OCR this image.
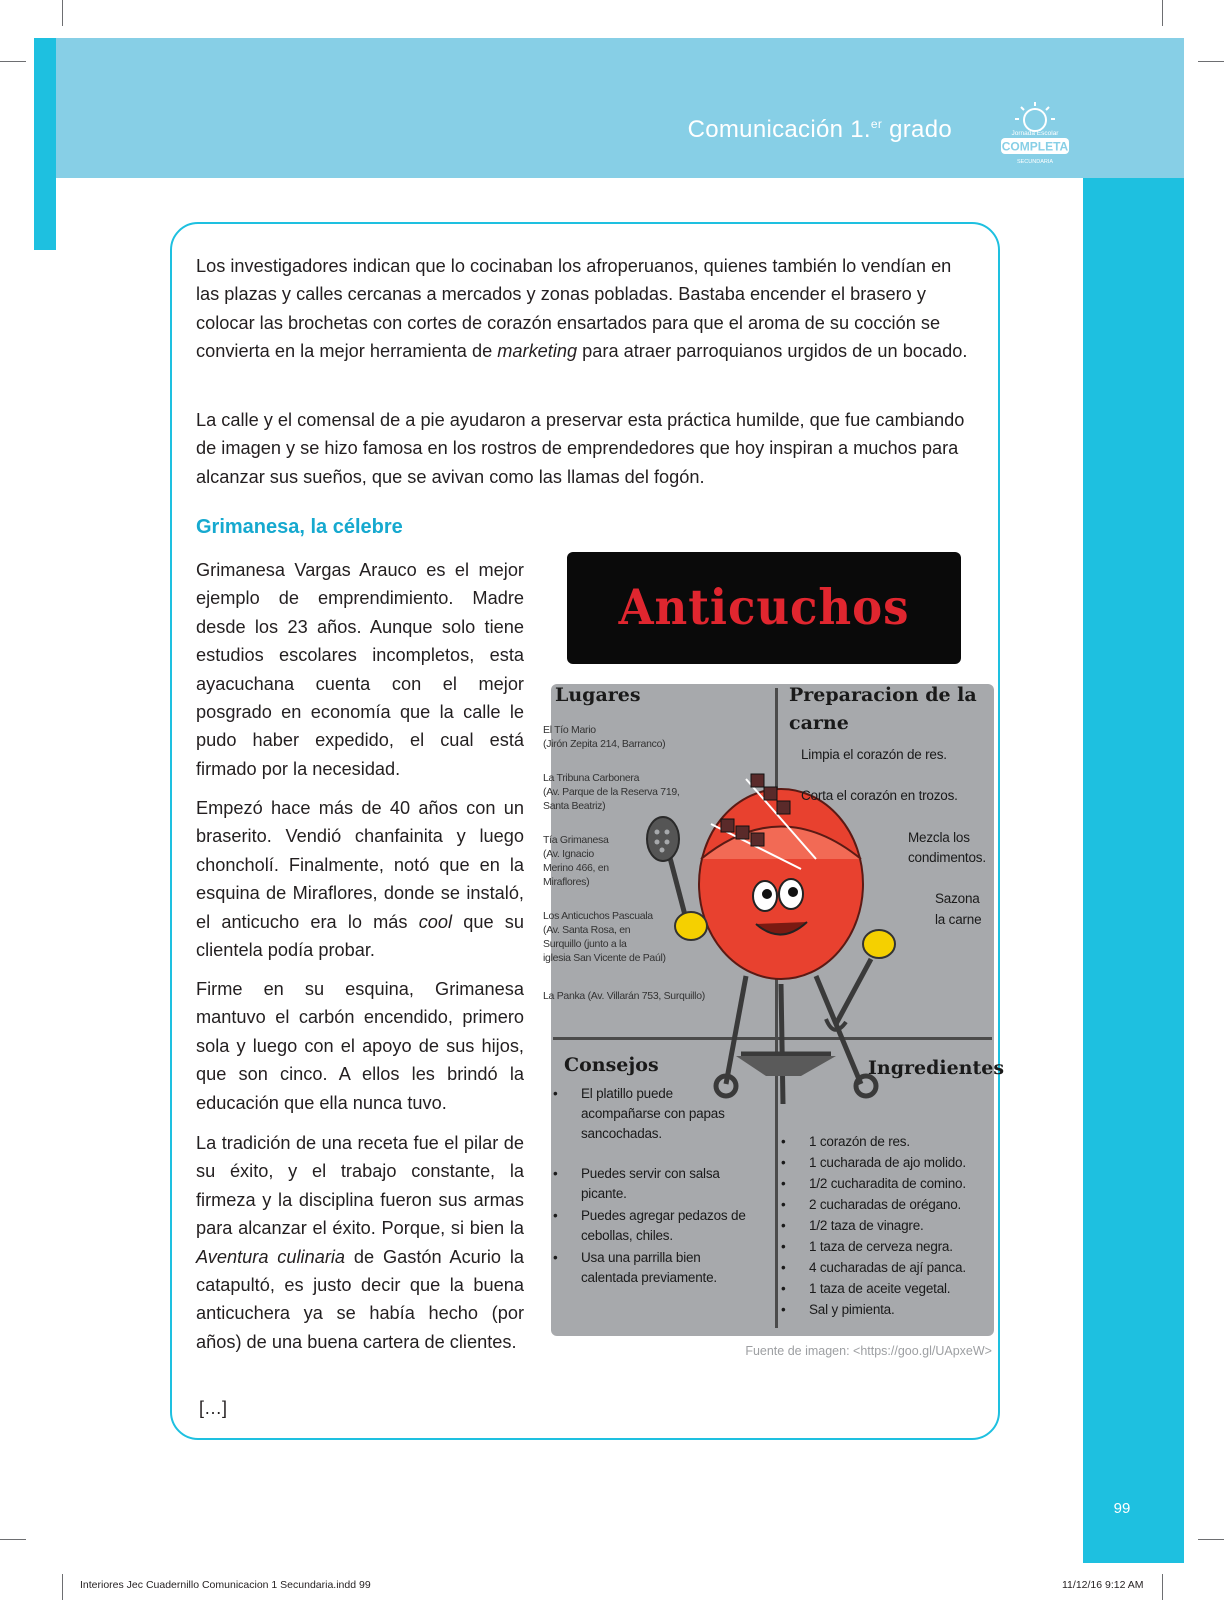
Comunicación 1.$^{er}$ grado	Jornada Escolar
COMPLETA
SECUNDARIA

Los investigadores indican que lo cocinaban los afroperuanos, quienes también lo vendían en las plazas y calles cercanas a mercados y zonas pobladas. Bastaba encender el brasero y colocar las brochetas con cortes de corazón ensartados para que el aroma de su cocción se convierta en la mejor herramienta de marketing para atraer parroquianos urgidos de un bocado.

La calle y el comensal de a pie ayudaron a preservar esta práctica humilde, que fue cambiando de imagen y se hizo famosa en los rostros de emprendedores que hoy inspiran a muchos para alcanzar sus sueños, que se avivan como las llamas del fogón.

Grimanesa, la célebre

Grimanesa Vargas Arauco es el mejor ejemplo de emprendimiento. Madre desde los 23 años. Aunque solo tiene estudios escolares incompletos, esta ayacuchana cuenta con el mejor posgrado en economía que la calle le pudo haber expedido, el cual está firmado por la necesidad.

Empezó hace más de 40 años con un braserito. Vendió chanfainita y luego choncholí. Finalmente, notó que en la esquina de Miraflores, donde se instaló, el anticucho era lo más cool que su clientela podía probar.

Firme en su esquina, Grimanesa mantuvo el carbón encendido, primero sola y luego con el apoyo de sus hijos, que son cinco. A ellos les brindó la educación que ella nunca tuvo.

La tradición de una receta fue el pilar de su éxito, y el trabajo constante, la firmeza y la disciplina fueron sus armas para alcanzar el éxito. Porque, si bien la Aventura culinaria de Gastón Acurio la catapultó, es justo decir que la buena anticuchera ya se había hecho (por años) de una buena cartera de clientes.

[…]
Anticuchos
Lugares
El Tío Mario
(Jirón Zepita 214, Barranco)
La Tribuna Carbonera
(Av. Parque de la Reserva 719,
Santa Beatriz)
Tía Grimanesa
(Av. Ignacio
Merino 466, en
Miraflores)
Los Anticuchos Pascuala
(Av. Santa Rosa, en
Surquillo (junto a la
iglesia San Vicente de Paúl)
La Panka (Av. Villarán 753, Surquillo)
Preparacion de la
carne
Limpia el corazón de res.
Corta el corazón en trozos.
Mezcla los
condimentos.
Sazona
la carne
Consejos
• El platillo puede acompañarse con papas sancochadas.
• Puedes servir con salsa picante.
• Puedes agregar pedazos de cebollas, chiles.
• Usa una parrilla bien calentada previamente.
Ingredientes
• 1 corazón de res.
• 1 cucharada de ajo molido.
• 1/2 cucharadita de comino.
• 2 cucharadas de orégano.
• 1/2 taza de vinagre.
• 1 taza de cerveza negra.
• 4 cucharadas de ají panca.
• 1 taza de aceite vegetal.
• Sal y pimienta.
Fuente de imagen: <https://goo.gl/UApxeW>
99
Interiores Jec Cuadernillo Comunicacion 1 Secundaria.indd 99	11/12/16 9:12 AM
